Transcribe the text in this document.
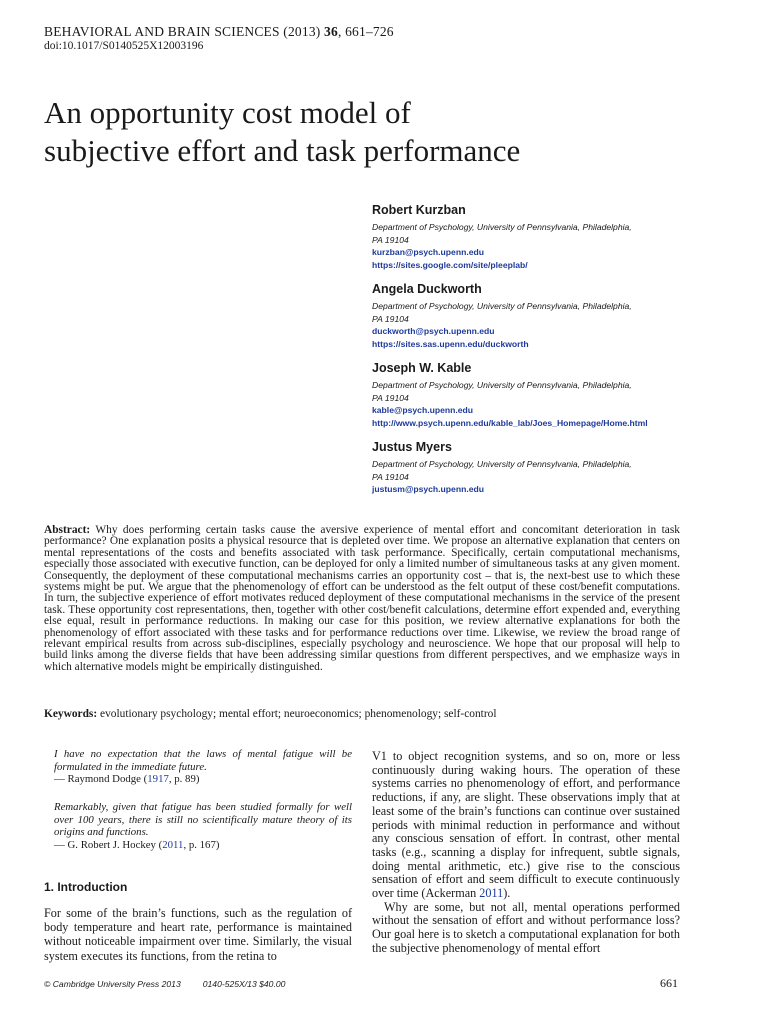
BEHAVIORAL AND BRAIN SCIENCES (2013) 36, 661–726
doi:10.1017/S0140525X12003196
An opportunity cost model of
subjective effort and task performance
Robert Kurzban
Department of Psychology, University of Pennsylvania, Philadelphia,
PA 19104
kurzban@psych.upenn.edu
https://sites.google.com/site/pleeplab/
Angela Duckworth
Department of Psychology, University of Pennsylvania, Philadelphia,
PA 19104
duckworth@psych.upenn.edu
https://sites.sas.upenn.edu/duckworth
Joseph W. Kable
Department of Psychology, University of Pennsylvania, Philadelphia,
PA 19104
kable@psych.upenn.edu
http://www.psych.upenn.edu/kable_lab/Joes_Homepage/Home.html
Justus Myers
Department of Psychology, University of Pennsylvania, Philadelphia,
PA 19104
justusm@psych.upenn.edu
Abstract: Why does performing certain tasks cause the aversive experience of mental effort and concomitant deterioration in task performance? One explanation posits a physical resource that is depleted over time. We propose an alternative explanation that centers on mental representations of the costs and benefits associated with task performance. Specifically, certain computational mechanisms, especially those associated with executive function, can be deployed for only a limited number of simultaneous tasks at any given moment. Consequently, the deployment of these computational mechanisms carries an opportunity cost – that is, the next-best use to which these systems might be put. We argue that the phenomenology of effort can be understood as the felt output of these cost/benefit computations. In turn, the subjective experience of effort motivates reduced deployment of these computational mechanisms in the service of the present task. These opportunity cost representations, then, together with other cost/benefit calculations, determine effort expended and, everything else equal, result in performance reductions. In making our case for this position, we review alternative explanations for both the phenomenology of effort associated with these tasks and for performance reductions over time. Likewise, we review the broad range of relevant empirical results from across sub-disciplines, especially psychology and neuroscience. We hope that our proposal will help to build links among the diverse fields that have been addressing similar questions from different perspectives, and we emphasize ways in which alternative models might be empirically distinguished.
Keywords: evolutionary psychology; mental effort; neuroeconomics; phenomenology; self-control
I have no expectation that the laws of mental fatigue will be formulated in the immediate future.
— Raymond Dodge (1917, p. 89)
Remarkably, given that fatigue has been studied formally for well over 100 years, there is still no scientifically mature theory of its origins and functions.
— G. Robert J. Hockey (2011, p. 167)
1. Introduction
For some of the brain’s functions, such as the regulation of body temperature and heart rate, performance is maintained without noticeable impairment over time. Similarly, the visual system executes its functions, from the retina to
V1 to object recognition systems, and so on, more or less continuously during waking hours. The operation of these systems carries no phenomenology of effort, and performance reductions, if any, are slight. These observations imply that at least some of the brain’s functions can continue over sustained periods with minimal reduction in performance and without any conscious sensation of effort. In contrast, other mental tasks (e.g., scanning a display for infrequent, subtle signals, doing mental arithmetic, etc.) give rise to the conscious sensation of effort and seem difficult to execute continuously over time (Ackerman 2011).
Why are some, but not all, mental operations performed without the sensation of effort and without performance loss? Our goal here is to sketch a computational explanation for both the subjective phenomenology of mental effort
© Cambridge University Press 2013	0140-525X/13 $40.00	661
